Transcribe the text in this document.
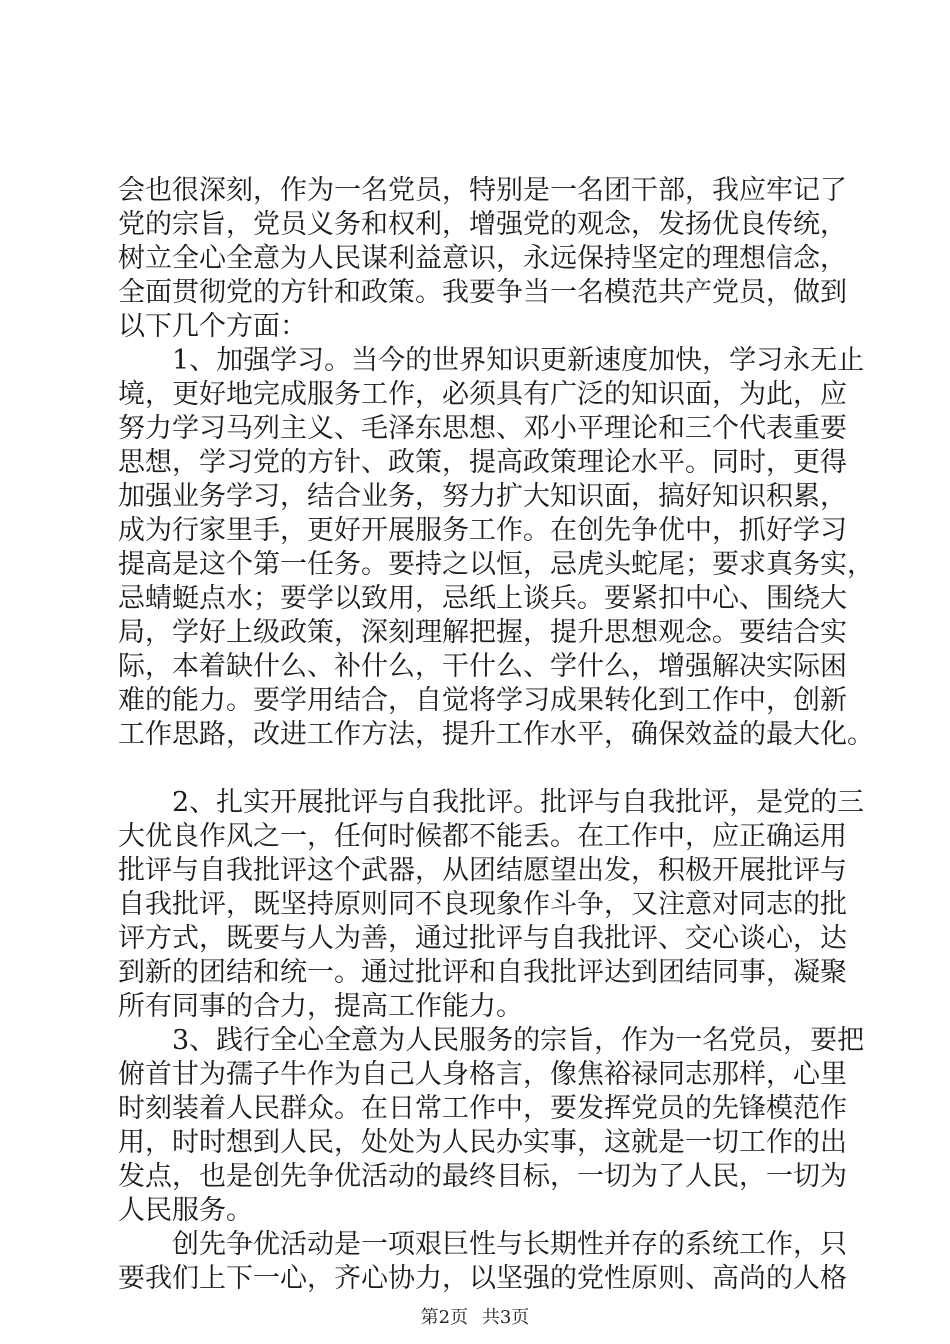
会也很深刻，作为一名党员，特别是一名团干部，我应牢记了
党的宗旨，党员义务和权利，增强党的观念，发扬优良传统，
树立全心全意为人民谋利益意识，永远保持坚定的理想信念，
全面贯彻党的方针和政策。我要争当一名模范共产党员，做到
以下几个方面：
1、加强学习。当今的世界知识更新速度加快，学习永无止
境，更好地完成服务工作，必须具有广泛的知识面，为此，应
努力学习马列主义、毛泽东思想、邓小平理论和三个代表重要
思想，学习党的方针、政策，提高政策理论水平。同时，更得
加强业务学习，结合业务，努力扩大知识面，搞好知识积累，
成为行家里手，更好开展服务工作。在创先争优中，抓好学习
提高是这个第一任务。要持之以恒，忌虎头蛇尾；要求真务实，
忌蜻蜓点水；要学以致用，忌纸上谈兵。要紧扣中心、围绕大
局，学好上级政策，深刻理解把握，提升思想观念。要结合实
际，本着缺什么、补什么，干什么、学什么，增强解决实际困
难的能力。要学用结合，自觉将学习成果转化到工作中，创新
工作思路，改进工作方法，提升工作水平，确保效益的最大化。
2、扎实开展批评与自我批评。批评与自我批评，是党的三
大优良作风之一，任何时候都不能丢。在工作中，应正确运用
批评与自我批评这个武器，从团结愿望出发，积极开展批评与
自我批评，既坚持原则同不良现象作斗争，又注意对同志的批
评方式，既要与人为善，通过批评与自我批评、交心谈心，达
到新的团结和统一。通过批评和自我批评达到团结同事，凝聚
所有同事的合力，提高工作能力。
3、践行全心全意为人民服务的宗旨，作为一名党员，要把
俯首甘为孺子牛作为自己人身格言，像焦裕禄同志那样，心里
时刻装着人民群众。在日常工作中，要发挥党员的先锋模范作
用，时时想到人民，处处为人民办实事，这就是一切工作的出
发点，也是创先争优活动的最终目标，一切为了人民，一切为
人民服务。
创先争优活动是一项艰巨性与长期性并存的系统工作，只
要我们上下一心，齐心协力，以坚强的党性原则、高尚的人格
第2页 共3页
